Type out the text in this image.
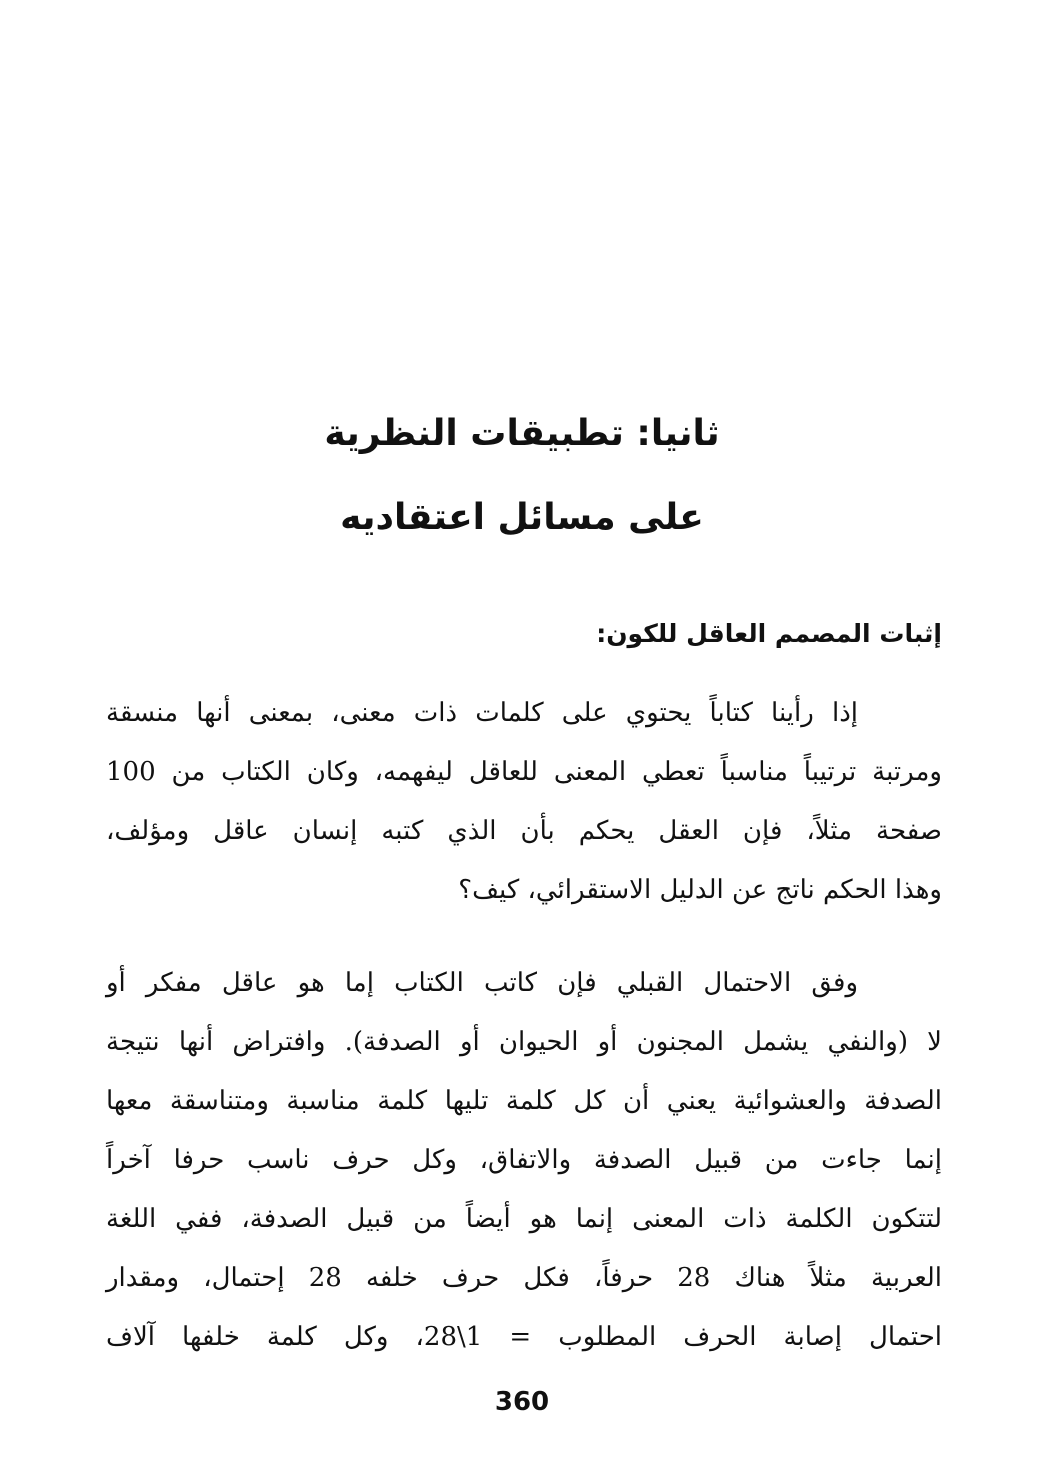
ثانيا: تطبيقات النظرية
على مسائل اعتقاديه
إثبات المصمم العاقل للكون:
إذا رأينا كتاباً يحتوي على كلمات ذات معنى، بمعنى أنها منسقة
ومرتبة ترتيباً مناسباً تعطي المعنى للعاقل ليفهمه، وكان الكتاب من 100
صفحة مثلاً، فإن العقل يحكم بأن الذي كتبه إنسان عاقل ومؤلف،
وهذا الحكم ناتج عن الدليل الاستقرائي، كيف؟
وفق الاحتمال القبلي فإن كاتب الكتاب إما هو عاقل مفكر أو
لا (والنفي يشمل المجنون أو الحيوان أو الصدفة). وافتراض أنها نتيجة
الصدفة والعشوائية يعني أن كل كلمة تليها كلمة مناسبة ومتناسقة معها
إنما جاءت من قبيل الصدفة والاتفاق، وكل حرف ناسب حرفا آخراً
لتتكون الكلمة ذات المعنى إنما هو أيضاً من قبيل الصدفة، ففي اللغة
العربية مثلاً هناك 28 حرفاً، فكل حرف خلفه 28 إحتمال، ومقدار
احتمال إصابة الحرف المطلوب = 1\28، وكل كلمة خلفها آلاف
360
